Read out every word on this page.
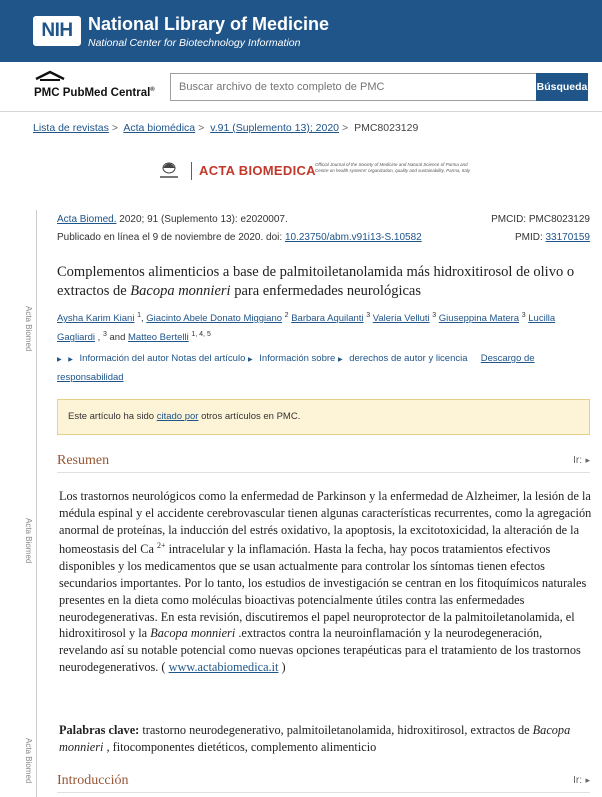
NIH National Library of Medicine
National Center for Biotechnology Information
PMC PubMed Central®
Buscar archivo de texto completo de PMC	Búsqueda
Lista de revistas > Acta biomédica > v.91 (Suplemento 13); 2020 > PMC8023129
ACTA BIOMEDICA Official Journal of the Society of Medicine and Natural Science of Parma and Centre on health systems' organization, quality and sustainability, Parma, Italy
Acta Biomed
Acta Biomed
Acta Biomed
Acta Biomed. 2020; 91 (Suplemento 13): e2020007.
Publicado en línea el 9 de noviembre de 2020. doi: 10.23750/abm.v91i13-S.10582
PMCID: PMC8023129
PMID: 33170159
Complementos alimenticios a base de palmitoiletanolamida más hidroxitirosol de olivo o extractos de Bacopa monnieri para enfermedades neurológicas
Aysha Karim Kiani $^1$, Giacinto Abele Donato Miggiano $^2$ Barbara Aquilanti $^3$ Valeria Velluti $^3$ Giuseppina Matera $^3$ Lucilla Gagliardi , $^3$ and Matteo Bertelli $^{1, 4, 5}$
▶ ▶ Información del autor Notas del artículo ▶ Información sobre ▶ derechos de autor y licencia Descargo de responsabilidad
Este artículo ha sido citado por otros artículos en PMC.
Resumen	Ir: ▸
Los trastornos neurológicos como la enfermedad de Parkinson y la enfermedad de Alzheimer, la lesión de la médula espinal y el accidente cerebrovascular tienen algunas características recurrentes, como la agregación anormal de proteínas, la inducción del estrés oxidativo, la apoptosis, la excitotoxicidad, la alteración de la homeostasis del Ca $^{2+}$ intracelular y la inflamación. Hasta la fecha, hay pocos tratamientos efectivos disponibles y los medicamentos que se usan actualmente para controlar los síntomas tienen efectos secundarios importantes. Por lo tanto, los estudios de investigación se centran en los fitoquímicos naturales presentes en la dieta como moléculas bioactivas potencialmente útiles contra las enfermedades neurodegenerativas. En esta revisión, discutiremos el papel neuroprotector de la palmitoiletanolamida, el hidroxitirosol y la Bacopa monnieri .extractos contra la neuroinflamación y la neurodegeneración, revelando así su notable potencial como nuevas opciones terapéuticas para el tratamiento de los trastornos neurodegenerativos. ( www.actabiomedica.it )
Palabras clave: trastorno neurodegenerativo, palmitoiletanolamida, hidroxitirosol, extractos de Bacopa monnieri , fitocomponentes dietéticos, complemento alimenticio
Introducción	Ir: ▸
